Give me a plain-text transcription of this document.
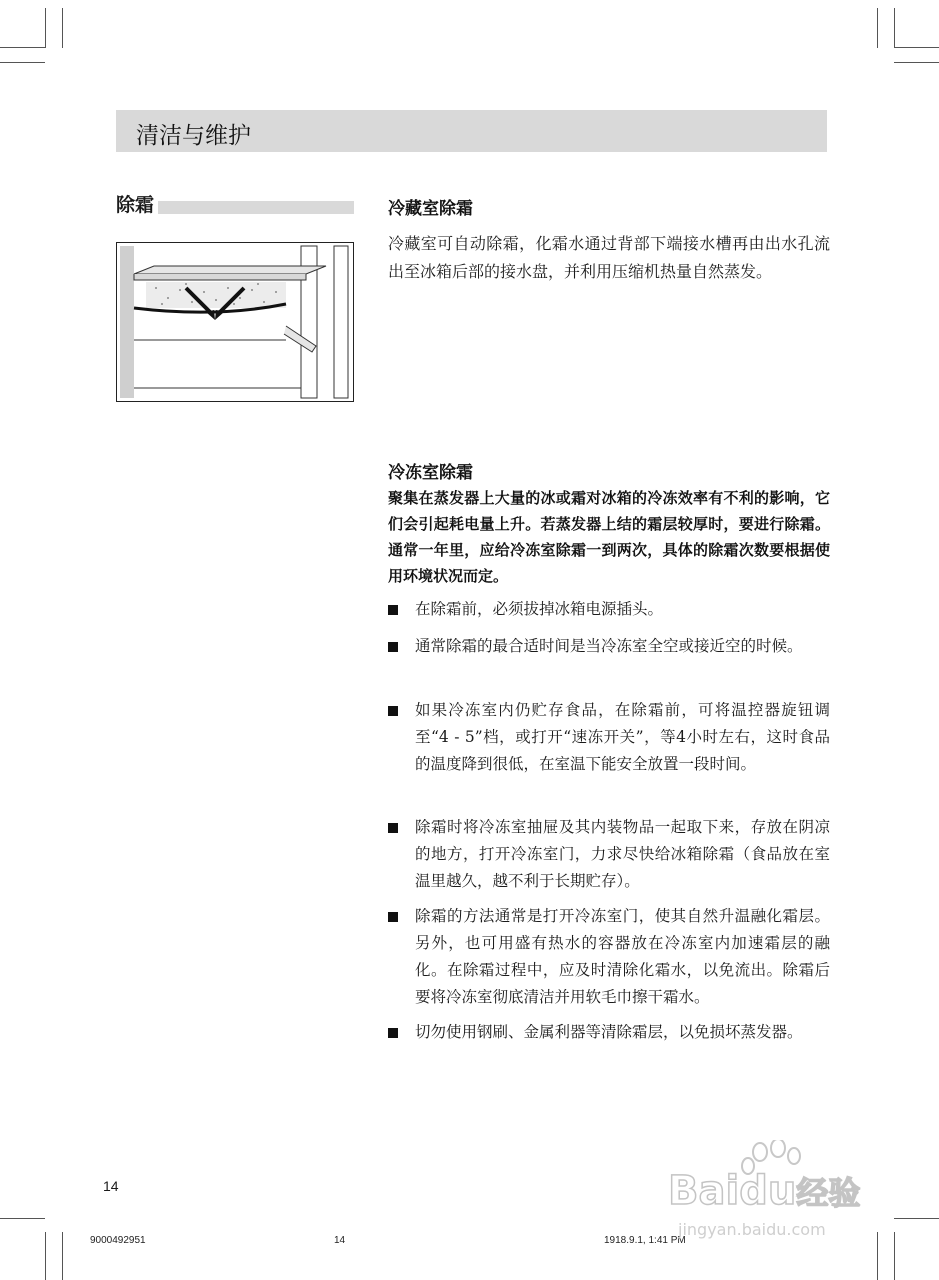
清洁与维护
除霜	冷藏室除霜
冷藏室可自动除霜，化霜水通过背部下端接水槽再由出水孔流出至冰箱后部的接水盘，并利用压缩机热量自然蒸发。
冷冻室除霜
聚集在蒸发器上大量的冰或霜对冰箱的冷冻效率有不利的影响，它们会引起耗电量上升。若蒸发器上结的霜层较厚时，要进行除霜。通常一年里，应给冷冻室除霜一到两次，具体的除霜次数要根据使用环境状况而定。
在除霜前，必须拔掉冰箱电源插头。
通常除霜的最合适时间是当冷冻室全空或接近空的时候。
如果冷冻室内仍贮存食品，在除霜前，可将温控器旋钮调至“4 - 5”档，或打开“速冻开关”，等4小时左右，这时食品的温度降到很低，在室温下能安全放置一段时间。
除霜时将冷冻室抽屉及其内装物品一起取下来，存放在阴凉的地方，打开冷冻室门，力求尽快给冰箱除霜（食品放在室温里越久，越不利于长期贮存）。
除霜的方法通常是打开冷冻室门，使其自然升温融化霜层。另外，也可用盛有热水的容器放在冷冻室内加速霜层的融化。在除霜过程中，应及时清除化霜水，以免流出。除霜后要将冷冻室彻底清洁并用软毛巾擦干霜水。
切勿使用钢刷、金属利器等清除霜层，以免损坏蒸发器。
14
9000492951	14	1918.9.1, 1:41 PM
Baidu经验
jingyan.baidu.com
